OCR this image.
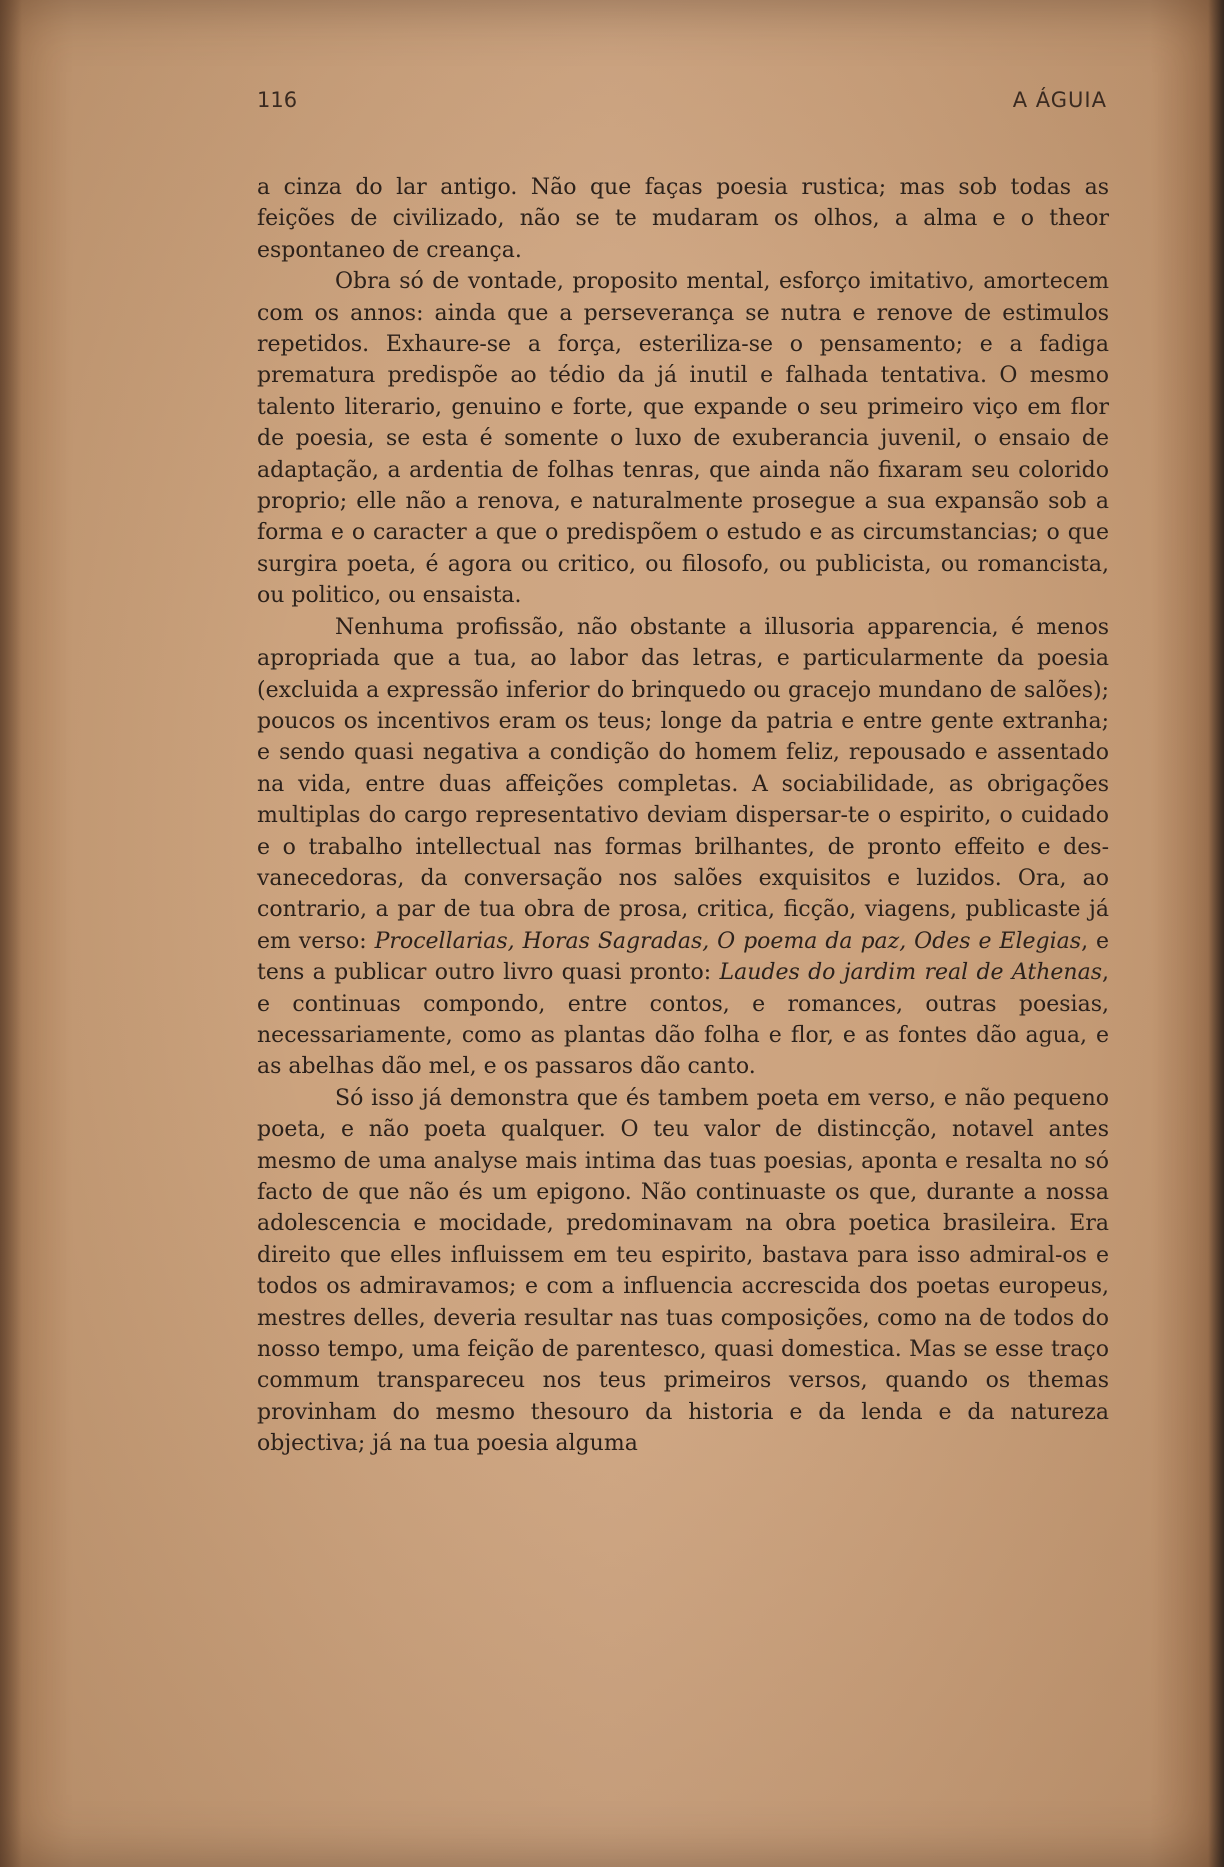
116	A ÁGUIA

a cinza do lar antigo. Não que faças poesia rustica; mas sob todas as feições de civilizado, não se te mudaram os olhos, a alma e o theor espontaneo de creança.

Obra só de vontade, proposito mental, esforço imitativo, amortecem com os annos: ainda que a perseverança se nutra e renove de estimulos repetidos. Exhaure-se a força, esteriliza-se o pensamento; e a fadiga prematura predispõe ao tédio da já inutil e falhada tentativa. O mesmo talento literario, genuino e forte, que expande o seu primeiro viço em flor de poesia, se esta é somente o luxo de exuberancia juvenil, o ensaio de adaptação, a ardentia de folhas tenras, que ainda não fixaram seu colorido proprio; elle não a renova, e naturalmente prosegue a sua expansão sob a forma e o caracter a que o predispõem o estudo e as circumstancias; o que surgira poeta, é agora ou critico, ou filosofo, ou publicista, ou romancista, ou politico, ou ensaista.

Nenhuma profissão, não obstante a illusoria apparencia, é menos apropriada que a tua, ao labor das letras, e particularmente da poesia (excluida a expressão inferior do brinquedo ou gracejo mundano de salões); poucos os incentivos eram os teus; longe da patria e entre gente extranha; e sendo quasi negativa a condição do homem feliz, repousado e assentado na vida, entre duas affeições completas. A sociabilidade, as obrigações multiplas do cargo representativo deviam dispersar-te o espirito, o cuidado e o trabalho intellectual nas formas brilhantes, de pronto effeito e desvanecedoras, da conversação nos salões exquisitos e luzidos. Ora, ao contrario, a par de tua obra de prosa, critica, ficção, viagens, publicaste já em verso: Procellarias, Horas Sagradas, O poema da paz, Odes e Elegias, e tens a publicar outro livro quasi pronto: Laudes do jardim real de Athenas, e continuas compondo, entre contos, e romances, outras poesias, necessariamente, como as plantas dão folha e flor, e as fontes dão agua, e as abelhas dão mel, e os passaros dão canto.

Só isso já demonstra que és tambem poeta em verso, e não pequeno poeta, e não poeta qualquer. O teu valor de distincção, notavel antes mesmo de uma analyse mais intima das tuas poesias, aponta e resalta no só facto de que não és um epigono. Não continuaste os que, durante a nossa adolescencia e mocidade, predominavam na obra poetica brasileira. Era direito que elles influissem em teu espirito, bastava para isso admiral-os e todos os admiravamos; e com a influencia accrescida dos poetas europeus, mestres delles, deveria resultar nas tuas composições, como na de todos do nosso tempo, uma feição de parentesco, quasi domestica. Mas se esse traço commum transpareceu nos teus primeiros versos, quando os themas provinham do mesmo thesouro da historia e da lenda e da natureza objectiva; já na tua poesia alguma
